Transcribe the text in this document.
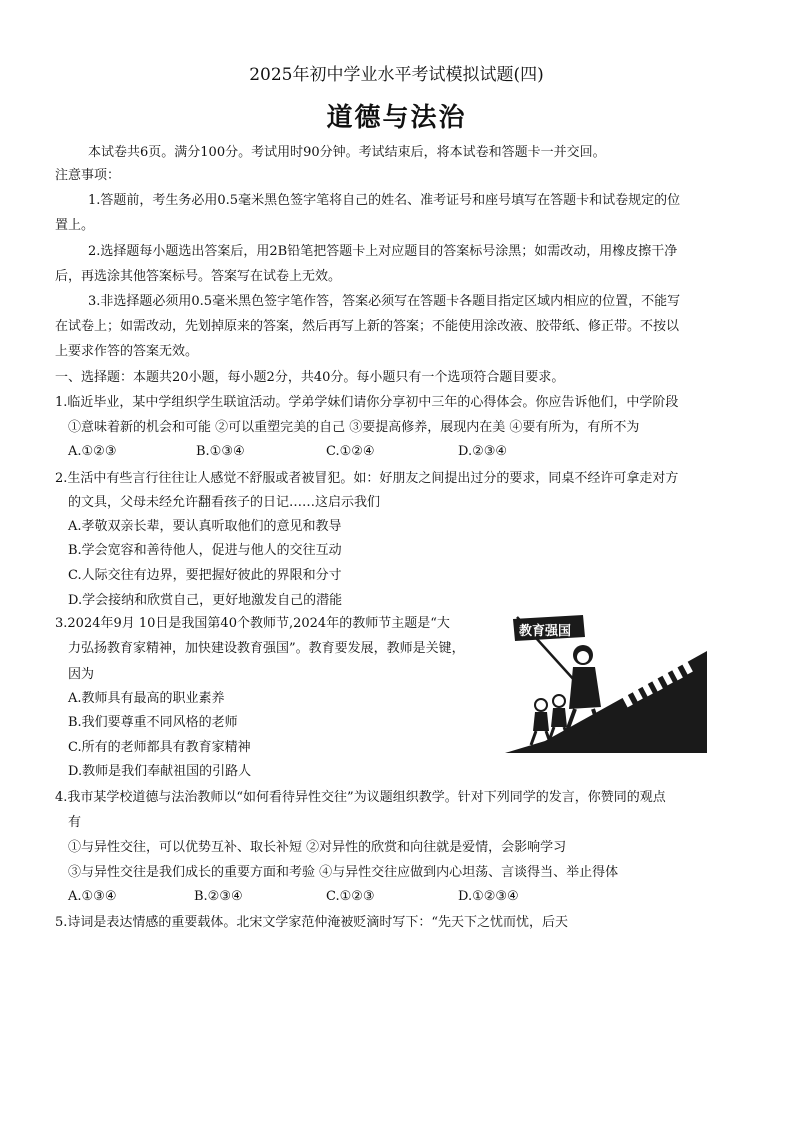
2025年初中学业水平考试模拟试题(四)
道德与法治
本试卷共6页。满分100分。考试用时90分钟。考试结束后，将本试卷和答题卡一并交回。
注意事项：
1.答题前，考生务必用0.5毫米黑色签字笔将自己的姓名、准考证号和座号填写在答题卡和试卷规定的位
置上。
2.选择题每小题选出答案后，用2B铅笔把答题卡上对应题目的答案标号涂黑；如需改动，用橡皮擦干净
后，再选涂其他答案标号。答案写在试卷上无效。
3.非选择题必须用0.5毫米黑色签字笔作答，答案必须写在答题卡各题目指定区域内相应的位置，不能写
在试卷上；如需改动，先划掉原来的答案，然后再写上新的答案；不能使用涂改液、胶带纸、修正带。不按以
上要求作答的答案无效。
一、选择题：本题共20小题，每小题2分，共40分。每小题只有一个选项符合题目要求。
1.临近毕业，某中学组织学生联谊活动。学弟学妹们请你分享初中三年的心得体会。你应告诉他们，中学阶段
①意味着新的机会和可能 ②可以重塑完美的自己 ③要提高修养，展现内在美 ④要有所为，有所不为
A.①②③	B.①③④	C.①②④	D.②③④
2.生活中有些言行往往让人感觉不舒服或者被冒犯。如：好朋友之间提出过分的要求，同桌不经许可拿走对方
的文具，父母未经允许翻看孩子的日记……这启示我们
A.孝敬双亲长辈，要认真听取他们的意见和教导
B.学会宽容和善待他人，促进与他人的交往互动
C.人际交往有边界，要把握好彼此的界限和分寸
D.学会接纳和欣赏自己，更好地激发自己的潜能
3.2024年9月 10日是我国第40个教师节,2024年的教师节主题是“大
力弘扬教育家精神，加快建设教育强国”。教育要发展，教师是关键，
因为
A.教师具有最高的职业素养
B.我们要尊重不同风格的老师
C.所有的老师都具有教育家精神
D.教师是我们奉献祖国的引路人
教育强国
4.我市某学校道德与法治教师以“如何看待异性交往”为议题组织教学。针对下列同学的发言，你赞同的观点
有
①与异性交往，可以优势互补、取长补短 ②对异性的欣赏和向往就是爱情，会影响学习
③与异性交往是我们成长的重要方面和考验 ④与异性交往应做到内心坦荡、言谈得当、举止得体
A.①③④	B.②③④	C.①②③	D.①②③④
5.诗词是表达情感的重要载体。北宋文学家范仲淹被贬滴时写下：“先天下之忧而忧，后天
